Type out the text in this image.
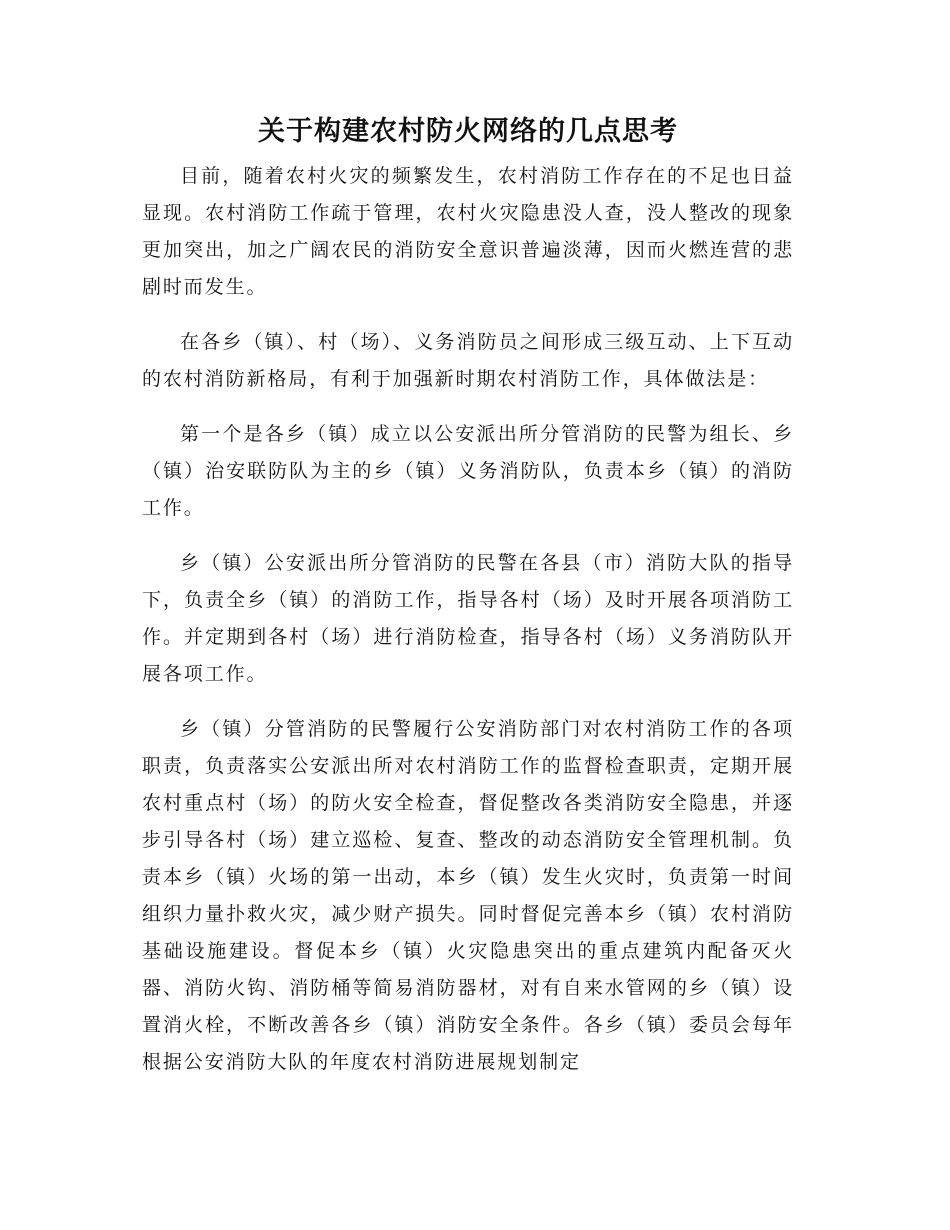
关于构建农村防火网络的几点思考

目前，随着农村火灾的频繁发生，农村消防工作存在的不足也日益显现。农村消防工作疏于管理，农村火灾隐患没人查，没人整改的现象更加突出，加之广阔农民的消防安全意识普遍淡薄，因而火燃连营的悲剧时而发生。

在各乡（镇）、村（场）、义务消防员之间形成三级互动、上下互动的农村消防新格局，有利于加强新时期农村消防工作，具体做法是：

第一个是各乡（镇）成立以公安派出所分管消防的民警为组长、乡（镇）治安联防队为主的乡（镇）义务消防队，负责本乡（镇）的消防工作。

乡（镇）公安派出所分管消防的民警在各县（市）消防大队的指导下，负责全乡（镇）的消防工作，指导各村（场）及时开展各项消防工作。并定期到各村（场）进行消防检查，指导各村（场）义务消防队开展各项工作。

乡（镇）分管消防的民警履行公安消防部门对农村消防工作的各项职责，负责落实公安派出所对农村消防工作的监督检查职责，定期开展农村重点村（场）的防火安全检查，督促整改各类消防安全隐患，并逐步引导各村（场）建立巡检、复查、整改的动态消防安全管理机制。负责本乡（镇）火场的第一出动，本乡（镇）发生火灾时，负责第一时间组织力量扑救火灾，减少财产损失。同时督促完善本乡（镇）农村消防基础设施建设。督促本乡（镇）火灾隐患突出的重点建筑内配备灭火器、消防火钩、消防桶等简易消防器材，对有自来水管网的乡（镇）设置消火栓，不断改善各乡（镇）消防安全条件。各乡（镇）委员会每年根据公安消防大队的年度农村消防进展规划制定
